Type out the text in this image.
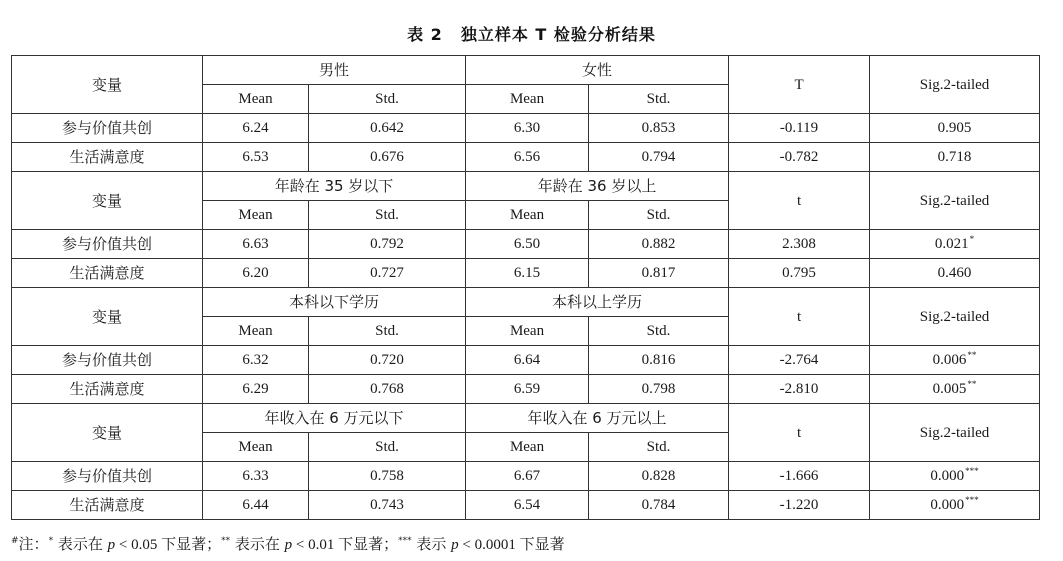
表 2 独立样本 T 检验分析结果
变量	男性		女性		T	Sig.2-tailed
	Mean	Std.	Mean	Std.		
参与价值共创	6.24	0.642	6.30	0.853	-0.119	0.905
生活满意度	6.53	0.676	6.56	0.794	-0.782	0.718
变量	年龄在 35 岁以下		年龄在 36 岁以上		t	Sig.2-tailed
	Mean	Std.	Mean	Std.		
参与价值共创	6.63	0.792	6.50	0.882	2.308	0.021*
生活满意度	6.20	0.727	6.15	0.817	0.795	0.460
变量	本科以下学历		本科以上学历		t	Sig.2-tailed
	Mean	Std.	Mean	Std.		
参与价值共创	6.32	0.720	6.64	0.816	-2.764	0.006**
生活满意度	6.29	0.768	6.59	0.798	-2.810	0.005**
变量	年收入在 6 万元以下		年收入在 6 万元以上		t	Sig.2-tailed
	Mean	Std.	Mean	Std.		
参与价值共创	6.33	0.758	6.67	0.828	-1.666	0.000***
生活满意度	6.44	0.743	6.54	0.784	-1.220	0.000***
#注：* 表示在 p < 0.05 下显著；** 表示在 p < 0.01 下显著；*** 表示 p < 0.0001 下显著
